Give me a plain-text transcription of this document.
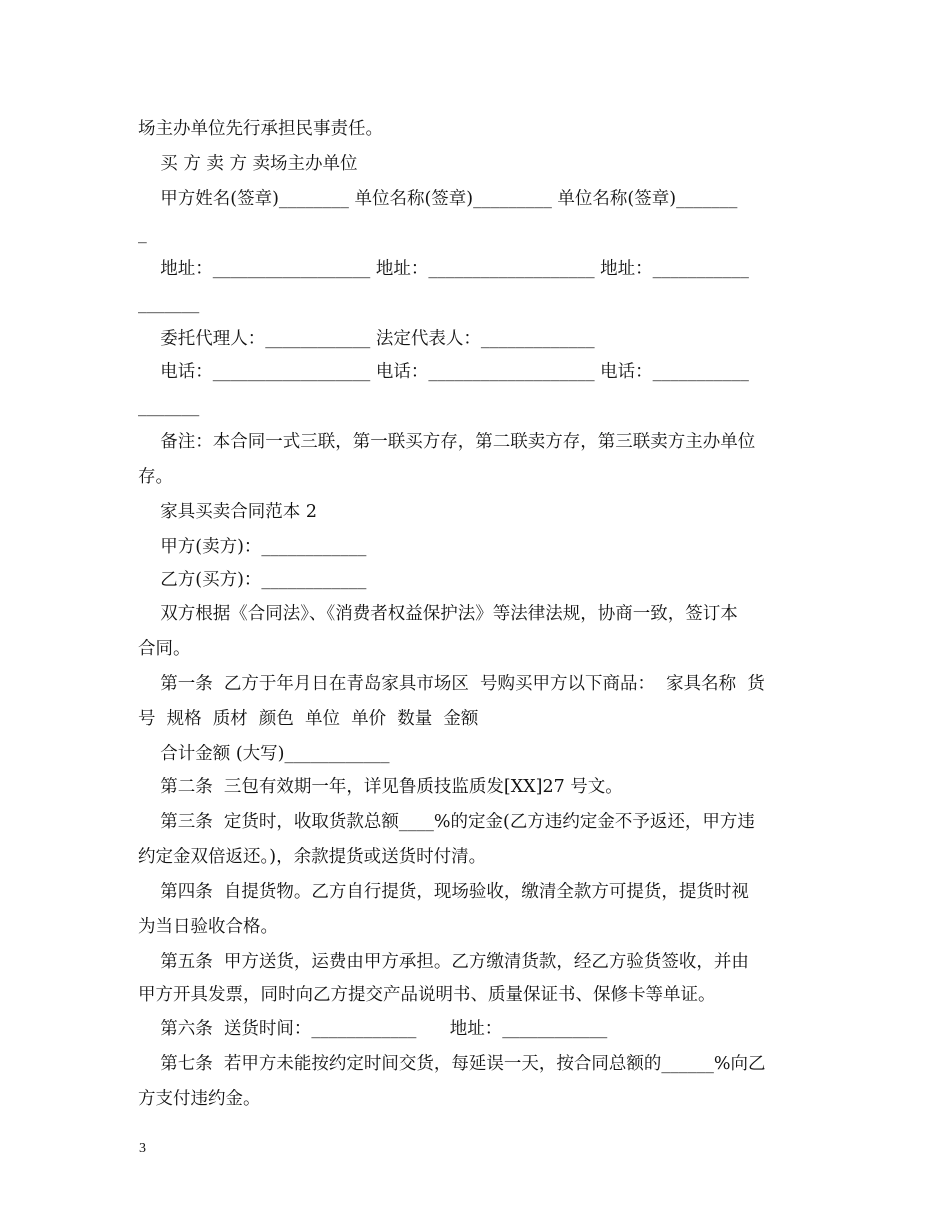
场主办单位先行承担民事责任。
买 方 卖 方 卖场主办单位
甲方姓名(签章)________ 单位名称(签章)_________ 单位名称(签章)_______
_
地址：__________________ 地址：___________________ 地址：___________
_______
委托代理人：____________ 法定代表人：_____________
电话：__________________ 电话：___________________ 电话：___________
_______
备注：本合同一式三联，第一联买方存，第二联卖方存，第三联卖方主办单位
存。
家具买卖合同范本 2
甲方(卖方)：____________
乙方(买方)：____________
双方根据《合同法》、《消费者权益保护法》等法律法规，协商一致，签订本
合同。
第一条  乙方于年月日在青岛家具市场区  号购买甲方以下商品：  家具名称  货
号  规格  质材  颜色  单位  单价  数量  金额
合计金额 (大写)____________
第二条  三包有效期一年，详见鲁质技监质发[XX]27 号文。
第三条  定货时，收取货款总额____%的定金(乙方违约定金不予返还，甲方违
约定金双倍返还。)，余款提货或送货时付清。
第四条  自提货物。乙方自行提货，现场验收，缴清全款方可提货，提货时视
为当日验收合格。
第五条  甲方送货，运费由甲方承担。乙方缴清货款，经乙方验货签收，并由
甲方开具发票，同时向乙方提交产品说明书、质量保证书、保修卡等单证。
第六条  送货时间：____________      地址：____________
第七条  若甲方未能按约定时间交货，每延误一天，按合同总额的______%向乙
方支付违约金。
3
